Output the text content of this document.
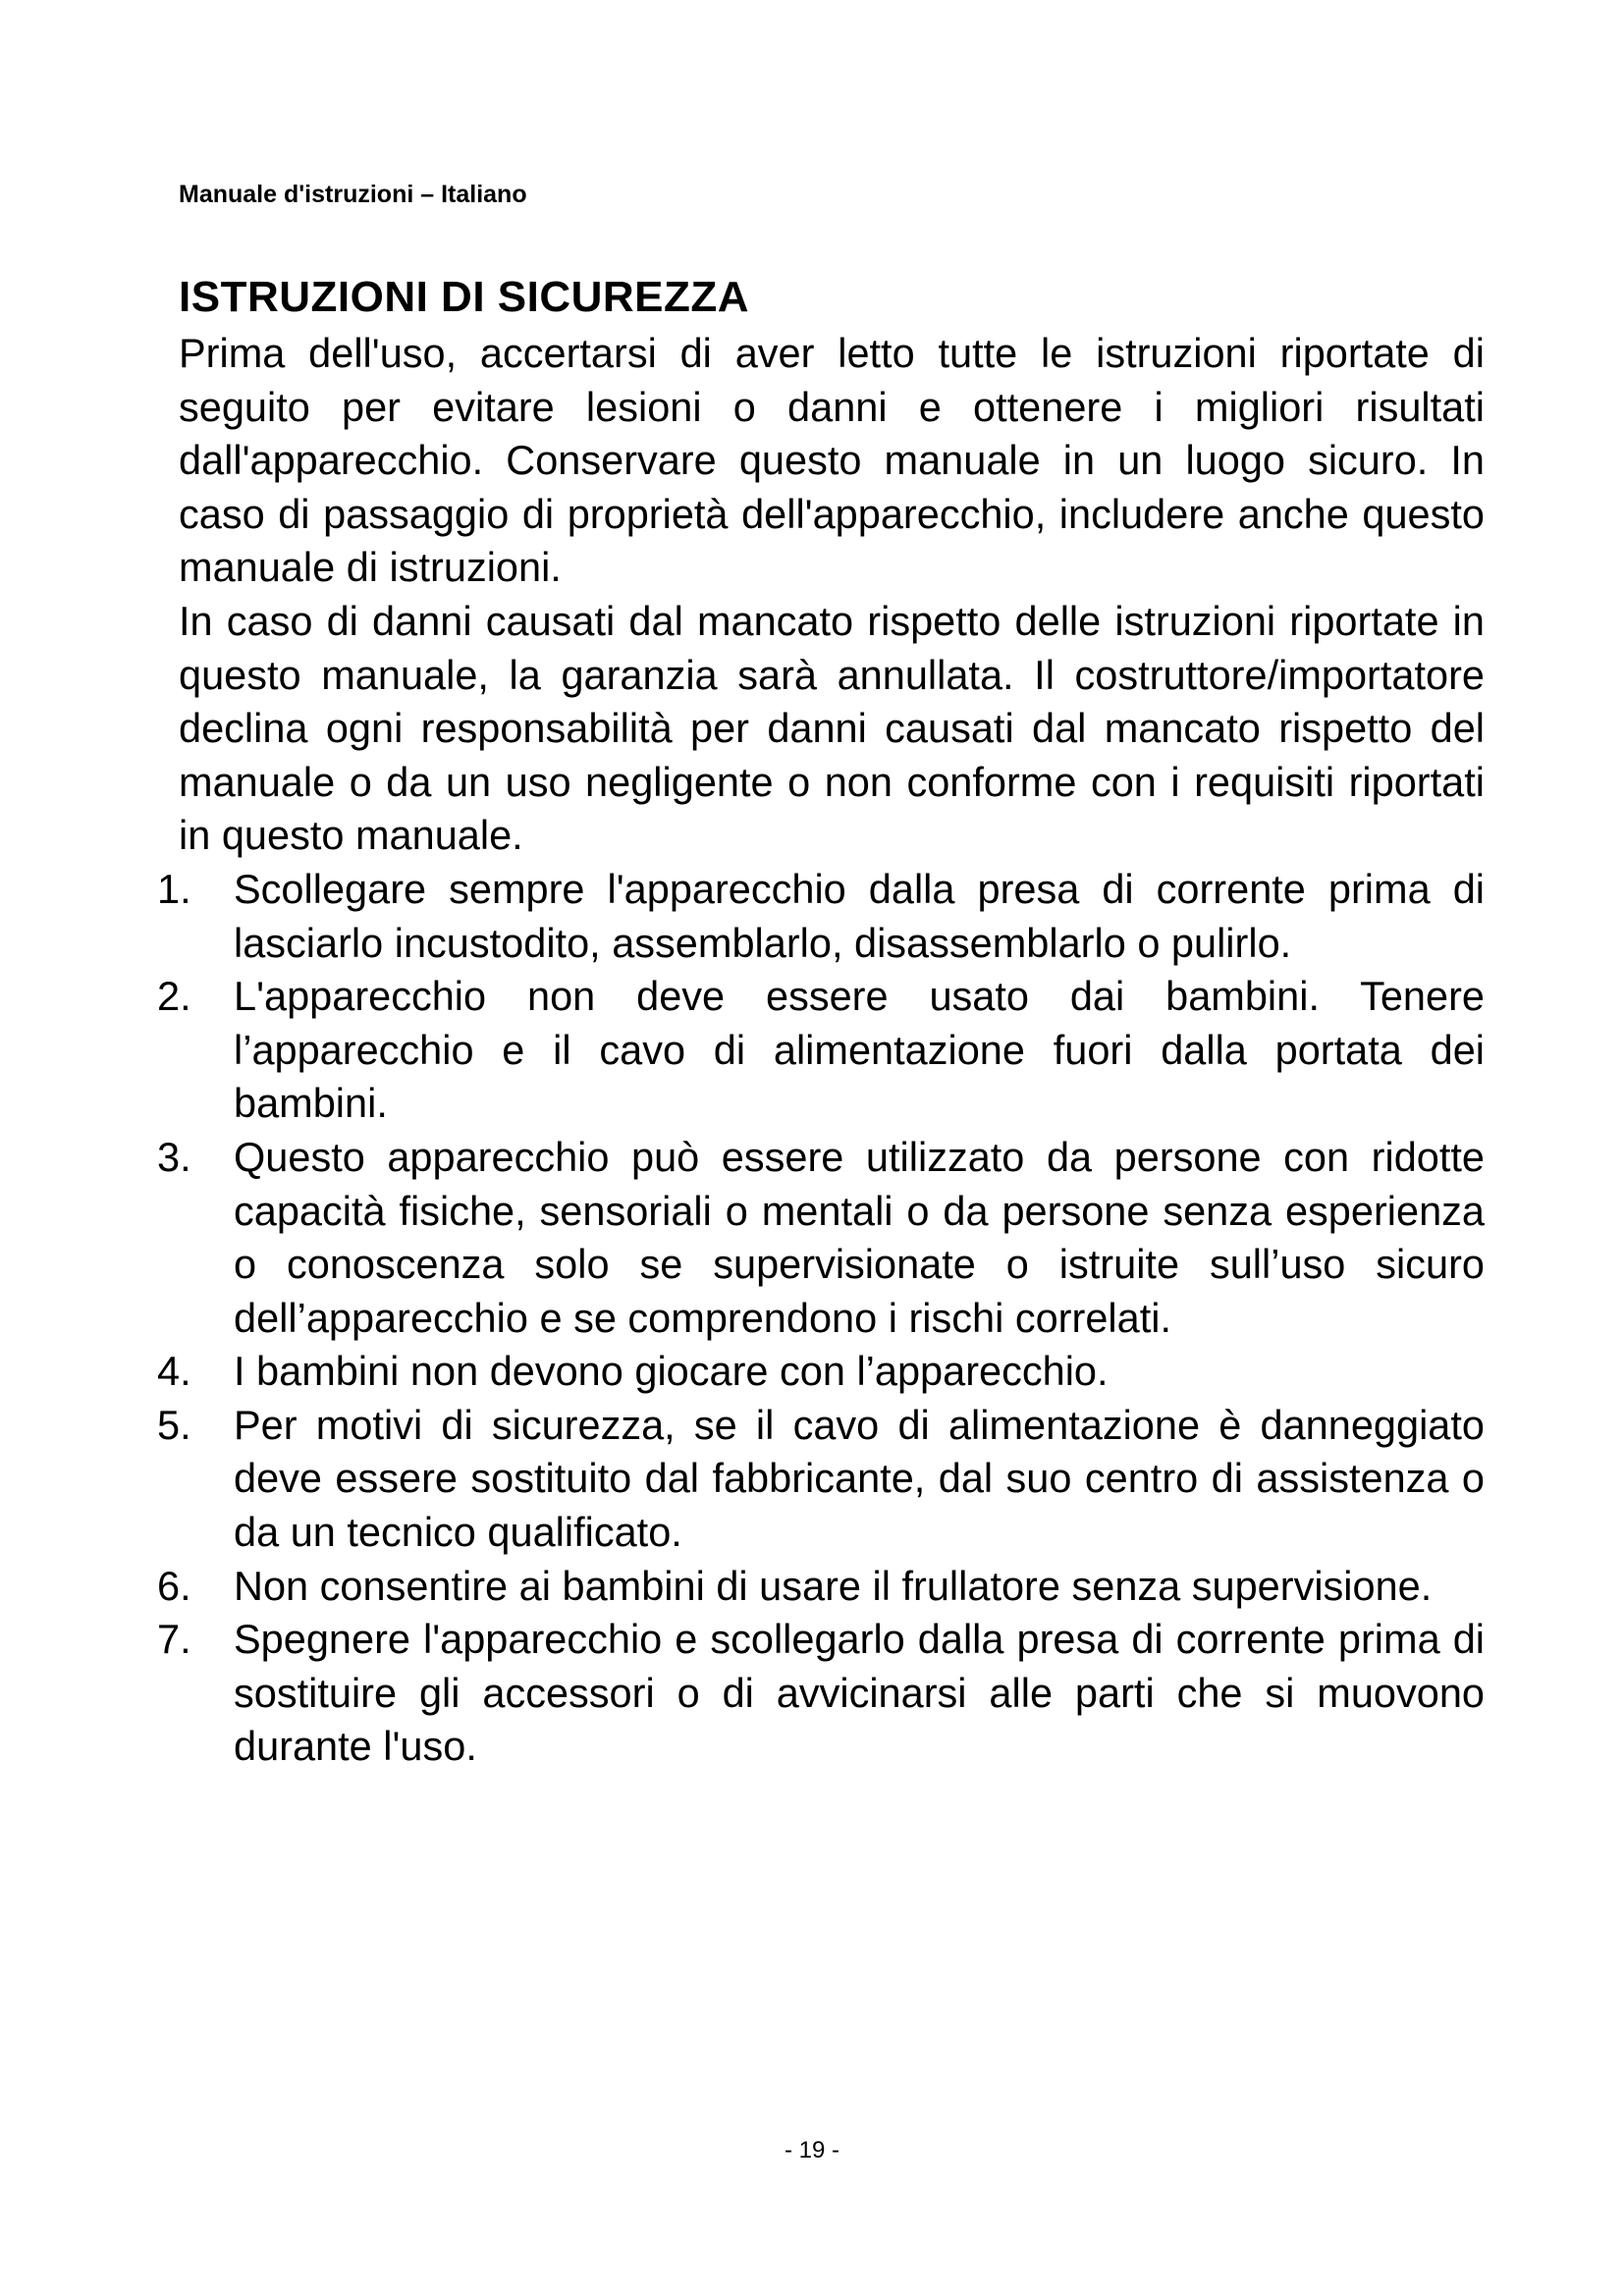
Manuale d'istruzioni – Italiano

ISTRUZIONI DI SICUREZZA

Prima dell'uso, accertarsi di aver letto tutte le istruzioni riportate di seguito per evitare lesioni o danni e ottenere i migliori risultati dall'apparecchio. Conservare questo manuale in un luogo sicuro. In caso di passaggio di proprietà dell'apparecchio, includere anche questo manuale di istruzioni.

In caso di danni causati dal mancato rispetto delle istruzioni riportate in questo manuale, la garanzia sarà annullata. Il costruttore/importatore declina ogni responsabilità per danni causati dal mancato rispetto del manuale o da un uso negligente o non conforme con i requisiti riportati in questo manuale.

1.	Scollegare sempre l'apparecchio dalla presa di corrente prima di lasciarlo incustodito, assemblarlo, disassemblarlo o pulirlo.
2.	L'apparecchio non deve essere usato dai bambini. Tenere l’apparecchio e il cavo di alimentazione fuori dalla portata dei bambini.
3.	Questo apparecchio può essere utilizzato da persone con ridotte capacità fisiche, sensoriali o mentali o da persone senza esperienza o conoscenza solo se supervisionate o istruite sull’uso sicuro dell’apparecchio e se comprendono i rischi correlati.
4.	I bambini non devono giocare con l’apparecchio.
5.	Per motivi di sicurezza, se il cavo di alimentazione è danneggiato deve essere sostituito dal fabbricante, dal suo centro di assistenza o da un tecnico qualificato.
6.	Non consentire ai bambini di usare il frullatore senza supervisione.
7.	Spegnere l'apparecchio e scollegarlo dalla presa di corrente prima di sostituire gli accessori o di avvicinarsi alle parti che si muovono durante l'uso.
- 19 -
